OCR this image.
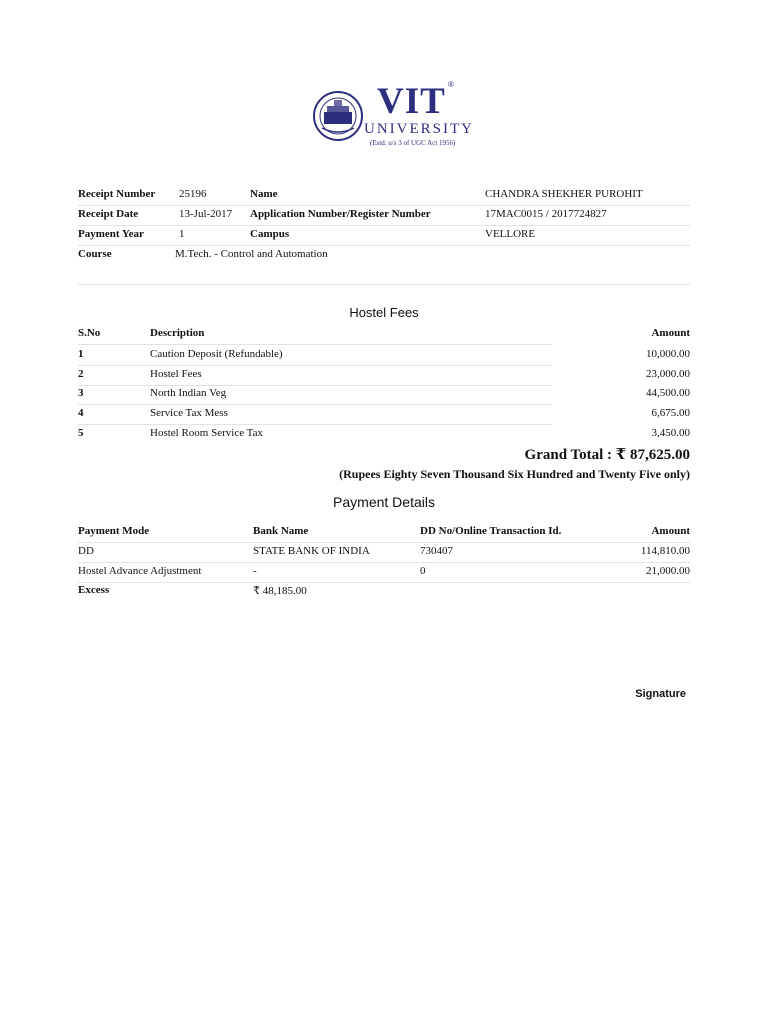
VIT ®
UNIVERSITY
(Estd. u/s 3 of UGC Act 1956)
Receipt Number 25196	Name	CHANDRA SHEKHER PUROHIT
Receipt Date	13-Jul-2017 Application Number/Register Number	17MAC0015 / 2017724827
Payment Year	1	Campus	VELLORE
Course	M.Tech. - Control and Automation
Hostel Fees
S.No	Description	Amount
1	Caution Deposit (Refundable)	10,000.00
2	Hostel Fees	23,000.00
3	North Indian Veg	44,500.00
4	Service Tax Mess	6,675.00
5	Hostel Room Service Tax	3,450.00
Grand Total : ₹ 87,625.00
(Rupees Eighty Seven Thousand Six Hundred and Twenty Five only)
Payment Details
Payment Mode	Bank Name	DD No/Online Transaction Id.	Amount
DD	STATE BANK OF INDIA	730407	114,810.00
Hostel Advance Adjustment	-	0	21,000.00
Excess	₹ 48,185.00
Signature
